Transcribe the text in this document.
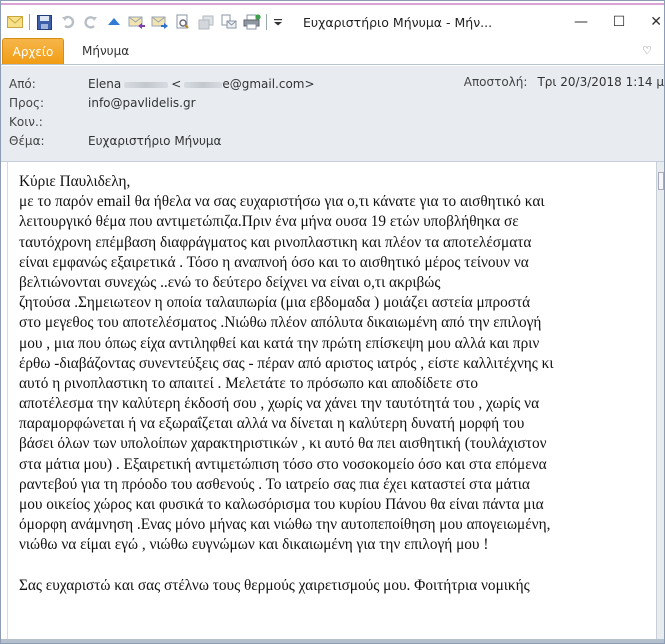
Ευχαριστήριο Μήνυμα - Μήν...	—	☐	✕
Αρχείο	Μήνυμα	♡
Από:	Elena	<	e@gmail.com>
Προς:	info@pavlidelis.gr
Κοιν.:
Θέμα:	Ευχαριστήριο Μήνυμα
Αποστολή: Τρι 20/3/2018 1:14 μ
Κύριε Παυλιδελη,
με το παρόν email θα ήθελα να σας ευχαριστήσω για ο,τι κάνατε για το αισθητικό και
λειτουργικό θέμα που αντιμετώπιζα.Πριν ένα μήνα ουσα 19 ετών υποβλήθηκα σε
ταυτόχρονη επέμβαση διαφράγματος και ρινοπλαστικη και πλέον τα αποτελέσματα
είναι εμφανώς εξαιρετικά . Τόσο η αναπνοή όσο και το αισθητικό μέρος τείνουν να
βελτιώνονται συνεχώς ..ενώ το δεύτερο δείχνει να είναι ο,τι ακριβώς
ζητούσα .Σημειωτεον η οποία ταλαιπωρία (μια εβδομαδα ) μοιάζει αστεία μπροστά
στο μεγεθος του αποτελέσματος .Νιώθω πλέον απόλυτα δικαιωμένη από την επιλογή
μου , μια που όπως είχα αντιληφθεί και κατά την πρώτη επίσκεψη μου αλλά και πριν
έρθω -διαβάζοντας συνεντεύξεις σας - πέραν από αριστος ιατρός , είστε καλλιτέχνης κι
αυτό η ρινοπλαστικη το απαιτεί . Μελετάτε το πρόσωπο και αποδίδετε στο
αποτέλεσμα την καλύτερη έκδοσή σου , χωρίς να χάνει την ταυτότητά του , χωρίς να
παραμορφώνεται ή να εξωραΐζεται αλλά να δίνεται η καλύτερη δυνατή μορφή του
βάσει όλων των υπολοίπων χαρακτηριστικών , κι αυτό θα πει αισθητική (τουλάχιστον
στα μάτια μου) . Εξαιρετική αντιμετώπιση τόσο στο νοσοκομείο όσο και στα επόμενα
ραντεβού για τη πρόοδο του ασθενούς . Το ιατρείο σας πια έχει καταστεί στα μάτια
μου οικείος χώρος και φυσικά το καλωσόρισμα του κυρίου Πάνου θα είναι πάντα μια
όμορφη ανάμνηση .Ενας μόνο μήνας και νιώθω την αυτοπεποίθηση μου απογειωμένη,
νιώθω να είμαι εγώ , νιώθω ευγνώμων και δικαιωμένη για την επιλογή μου !
Σας ευχαριστώ και σας στέλνω τους θερμούς χαιρετισμούς μου. Φοιτήτρια νομικής
